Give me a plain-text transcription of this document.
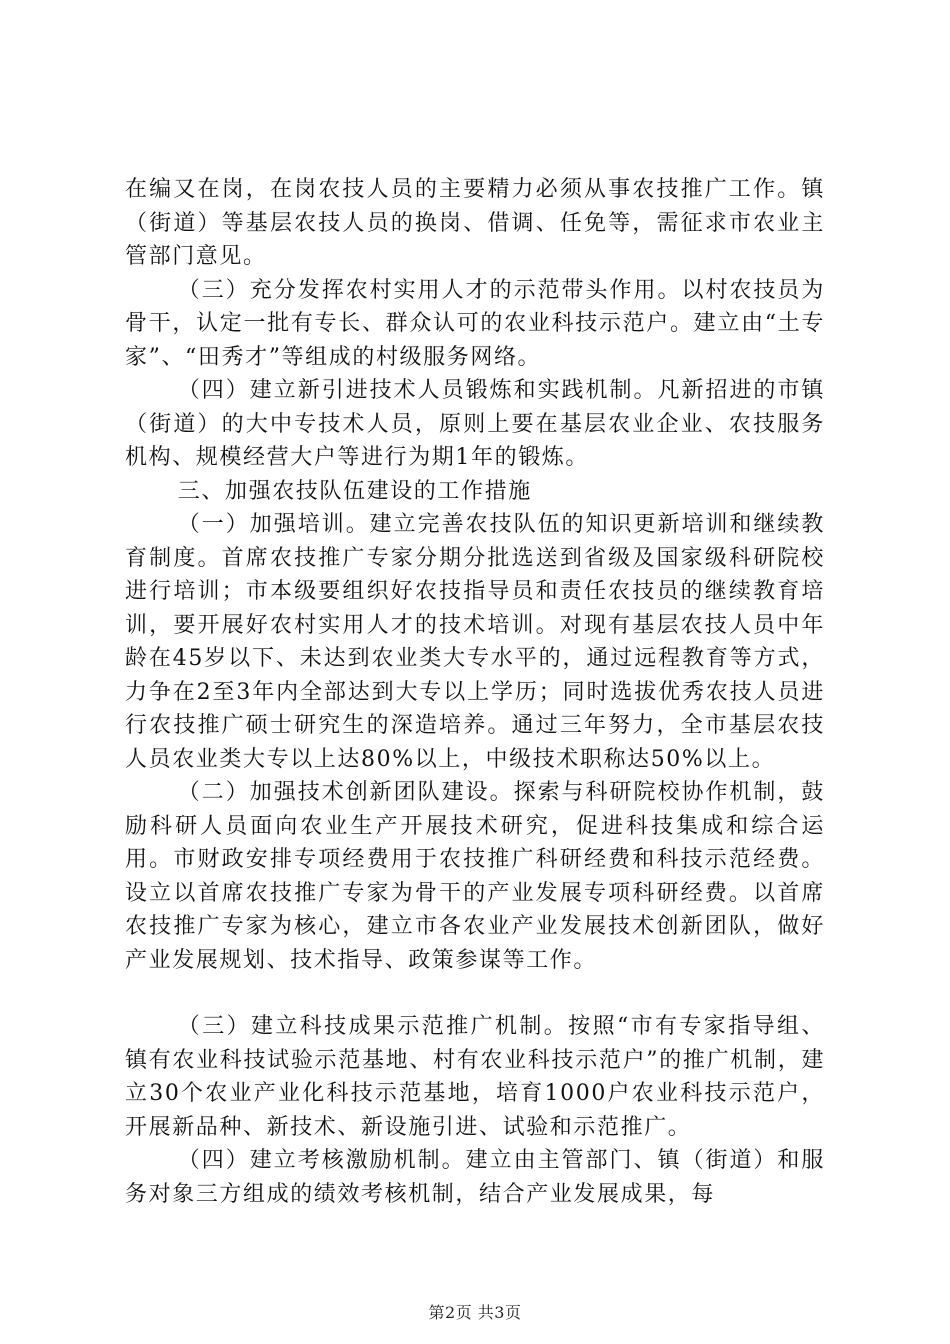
在编又在岗，在岗农技人员的主要精力必须从事农技推广工作。镇（街道）等基层农技人员的换岗、借调、任免等，需征求市农业主管部门意见。

（三）充分发挥农村实用人才的示范带头作用。以村农技员为骨干，认定一批有专长、群众认可的农业科技示范户。建立由“土专家”、“田秀才”等组成的村级服务网络。

（四）建立新引进技术人员锻炼和实践机制。凡新招进的市镇（街道）的大中专技术人员，原则上要在基层农业企业、农技服务机构、规模经营大户等进行为期1年的锻炼。

三、加强农技队伍建设的工作措施

（一）加强培训。建立完善农技队伍的知识更新培训和继续教育制度。首席农技推广专家分期分批选送到省级及国家级科研院校进行培训；市本级要组织好农技指导员和责任农技员的继续教育培训，要开展好农村实用人才的技术培训。对现有基层农技人员中年龄在45岁以下、未达到农业类大专水平的，通过远程教育等方式，力争在2至3年内全部达到大专以上学历；同时选拔优秀农技人员进行农技推广硕士研究生的深造培养。通过三年努力，全市基层农技人员农业类大专以上达80%以上，中级技术职称达50%以上。

（二）加强技术创新团队建设。探索与科研院校协作机制，鼓励科研人员面向农业生产开展技术研究，促进科技集成和综合运用。市财政安排专项经费用于农技推广科研经费和科技示范经费。设立以首席农技推广专家为骨干的产业发展专项科研经费。以首席农技推广专家为核心，建立市各农业产业发展技术创新团队，做好产业发展规划、技术指导、政策参谋等工作。

（三）建立科技成果示范推广机制。按照“市有专家指导组、镇有农业科技试验示范基地、村有农业科技示范户”的推广机制，建立30个农业产业化科技示范基地，培育1000户农业科技示范户，开展新品种、新技术、新设施引进、试验和示范推广。

（四）建立考核激励机制。建立由主管部门、镇（街道）和服务对象三方组成的绩效考核机制，结合产业发展成果，每

第2页 共3页
